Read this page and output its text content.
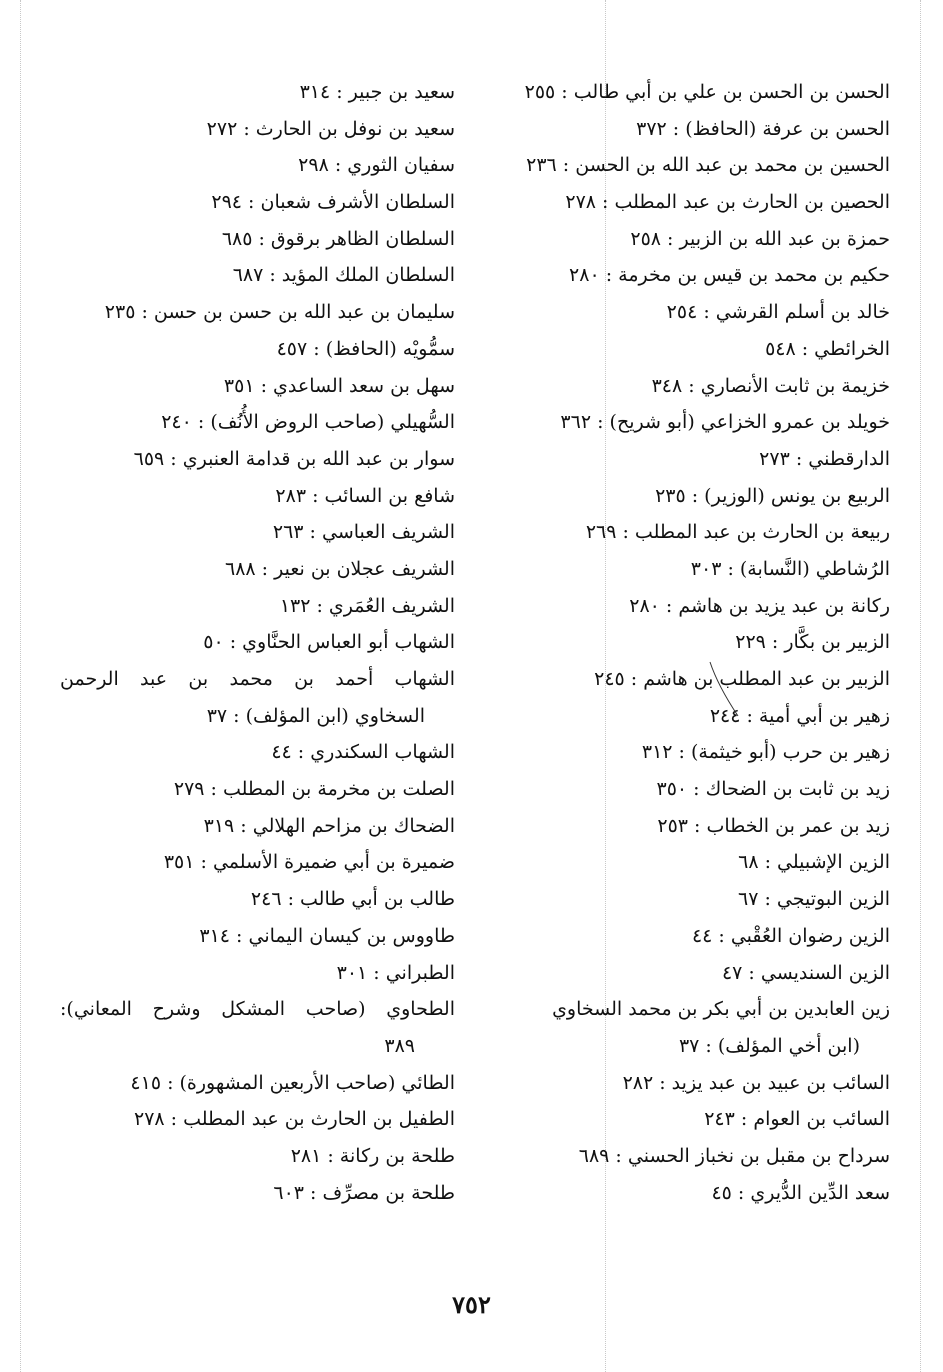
الحسن بن الحسن بن علي بن أبي طالب : ٢٥٥
الحسن بن عرفة (الحافظ) : ٣٧٢
الحسين بن محمد بن عبد الله بن الحسن : ٢٣٦
الحصين بن الحارث بن عبد المطلب : ٢٧٨
حمزة بن عبد الله بن الزبير : ٢٥٨
حكيم بن محمد بن قيس بن مخرمة : ٢٨٠
خالد بن أسلم القرشي : ٢٥٤
الخرائطي : ٥٤٨
خزيمة بن ثابت الأنصاري : ٣٤٨
خويلد بن عمرو الخزاعي (أبو شريح) : ٣٦٢
الدارقطني : ٢٧٣
الربيع بن يونس (الوزير) : ٢٣٥
ربيعة بن الحارث بن عبد المطلب : ٢٦٩
الرُشاطي (النَّسابة) : ٣٠٣
ركانة بن عبد يزيد بن هاشم : ٢٨٠
الزبير بن بكَّار : ٢٢٩
الزبير بن عبد المطلب بن هاشم : ٢٤٥
زهير بن أبي أمية : ٢٤٤
زهير بن حرب (أبو خيثمة) : ٣١٢
زيد بن ثابت بن الضحاك : ٣٥٠
زيد بن عمر بن الخطاب : ٢٥٣
الزين الإشبيلي : ٦٨
الزين البوتيجي : ٦٧
الزين رضوان العُقْبي : ٤٤
الزين السنديسي : ٤٧
زين العابدين بن أبي بكر بن محمد السخاوي
(ابن أخي المؤلف) : ٣٧
السائب بن عبيد بن عبد يزيد : ٢٨٢
السائب بن العوام : ٢٤٣
سرداح بن مقبل بن نخباز الحسني : ٦٨٩
سعد الدِّين الدُّيري : ٤٥
سعيد بن جبير : ٣١٤
سعيد بن نوفل بن الحارث : ٢٧٢
سفيان الثوري : ٢٩٨
السلطان الأشرف شعبان : ٢٩٤
السلطان الظاهر برقوق : ٦٨٥
السلطان الملك المؤيد : ٦٨٧
سليمان بن عبد الله بن حسن بن حسن : ٢٣٥
سمُّويْه (الحافظ) : ٤٥٧
سهل بن سعد الساعدي : ٣٥١
السُّهيلي (صاحب الروض الأُنُف) : ٢٤٠
سوار بن عبد الله بن قدامة العنبري : ٦٥٩
شافع بن السائب : ٢٨٣
الشريف العباسي : ٢٦٣
الشريف عجلان بن نعير : ٦٨٨
الشريف العُمَري : ١٣٢
الشهاب أبو العباس الحنَّاوي : ٥٠
الشهاب أحمد بن محمد بن عبد الرحمن
السخاوي (ابن المؤلف) : ٣٧
الشهاب السكندري : ٤٤
الصلت بن مخرمة بن المطلب : ٢٧٩
الضحاك بن مزاحم الهلالي : ٣١٩
ضميرة بن أبي ضميرة الأسلمي : ٣٥١
طالب بن أبي طالب : ٢٤٦
طاووس بن كيسان اليماني : ٣١٤
الطبراني : ٣٠١
الطحاوي (صاحب المشكل وشرح المعاني):
٣٨٩
الطائي (صاحب الأربعين المشهورة) : ٤١٥
الطفيل بن الحارث بن عبد المطلب : ٢٧٨
طلحة بن ركانة : ٢٨١
طلحة بن مصرِّف : ٦٠٣
٧٥٢
